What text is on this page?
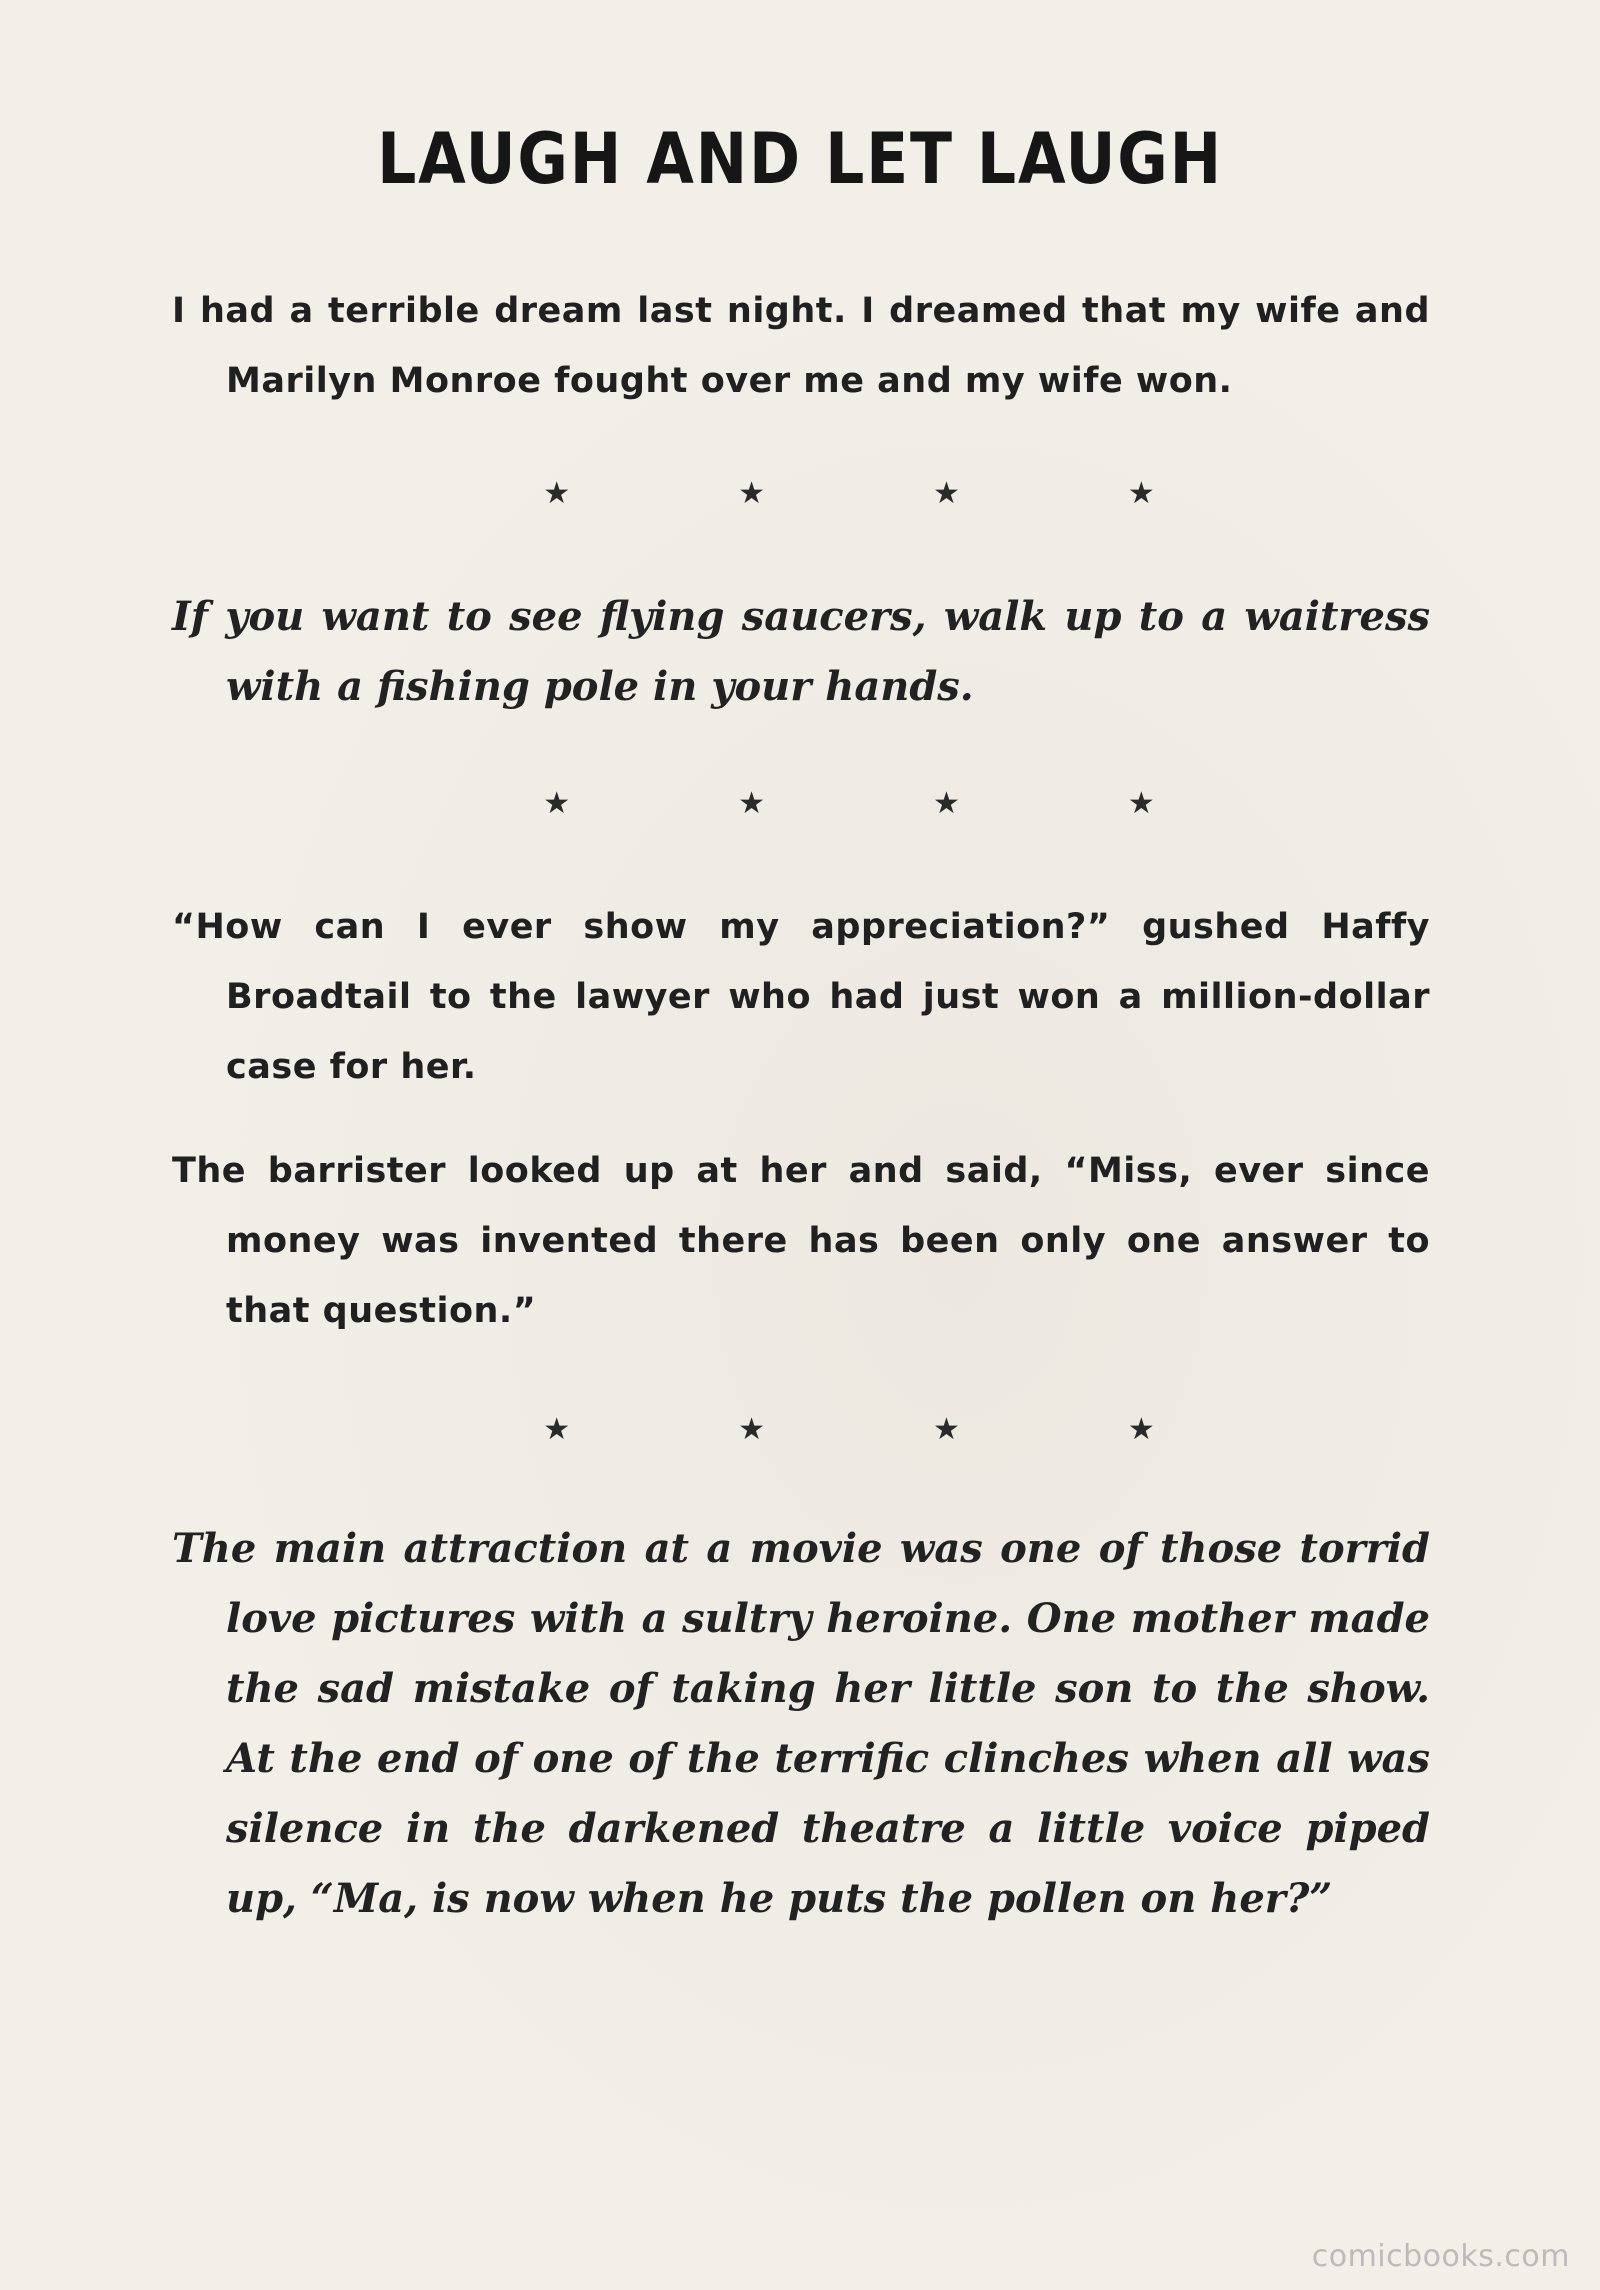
LAUGH AND LET LAUGH

I had a terrible dream last night. I dreamed that my wife and Marilyn Monroe fought over me and my wife won.

★	★	★	★

If you want to see flying saucers, walk up to a waitress with a fishing pole in your hands.

★	★	★	★

“How can I ever show my appreciation?” gushed Haffy Broadtail to the lawyer who had just won a million-dollar case for her.

The barrister looked up at her and said, “Miss, ever since money was invented there has been only one answer to that question.”

★	★	★	★

The main attraction at a movie was one of those torrid love pictures with a sultry heroine. One mother made the sad mistake of taking her little son to the show. At the end of one of the terrific clinches when all was silence in the darkened theatre a little voice piped up, “Ma, is now when he puts the pollen on her?”

comicbooks.com
